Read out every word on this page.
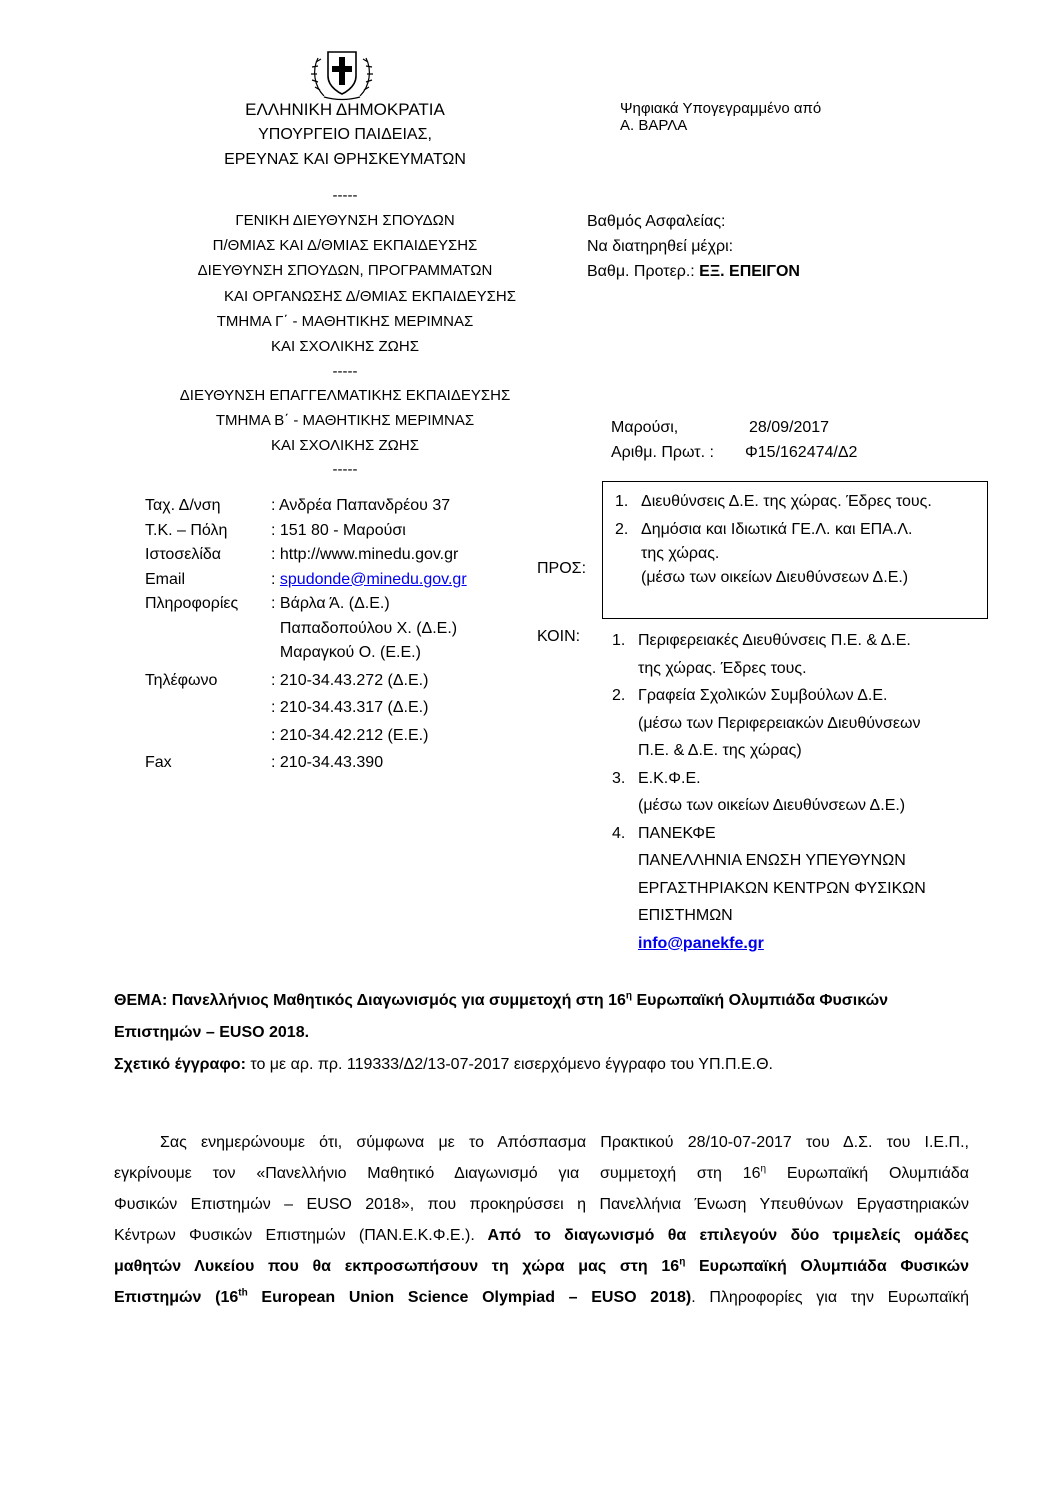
ΕΛΛΗΝΙΚΗ ΔΗΜΟΚΡΑΤΙΑ
ΥΠΟΥΡΓΕΙΟ ΠΑΙΔΕΙΑΣ,
ΕΡΕΥΝΑΣ ΚΑΙ ΘΡΗΣΚΕΥΜΑΤΩΝ
-----
ΓΕΝΙΚΗ ΔΙΕΥΘΥΝΣΗ ΣΠΟΥΔΩΝ
Π/ΘΜΙΑΣ ΚΑΙ Δ/ΘΜΙΑΣ ΕΚΠΑΙΔΕΥΣΗΣ
ΔΙΕΥΘΥΝΣΗ ΣΠΟΥΔΩΝ, ΠΡΟΓΡΑΜΜΑΤΩΝ
ΚΑΙ ΟΡΓΑΝΩΣΗΣ Δ/ΘΜΙΑΣ ΕΚΠΑΙΔΕΥΣΗΣ
ΤΜΗΜΑ Γ΄ - ΜΑΘΗΤΙΚΗΣ ΜΕΡΙΜΝΑΣ
ΚΑΙ ΣΧΟΛΙΚΗΣ ΖΩΗΣ
-----
ΔΙΕΥΘΥΝΣΗ ΕΠΑΓΓΕΛΜΑΤΙΚΗΣ ΕΚΠΑΙΔΕΥΣΗΣ
ΤΜΗΜΑ Β΄ - ΜΑΘΗΤΙΚΗΣ ΜΕΡΙΜΝΑΣ
ΚΑΙ ΣΧΟΛΙΚΗΣ ΖΩΗΣ
-----
Ψηφιακά Υπογεγραμμένο από
Α. ΒΑΡΛΑ
Βαθμός Ασφαλείας:
Να διατηρηθεί μέχρι:
Βαθμ. Προτερ.: ΕΞ. ΕΠΕΙΓΟΝ
Μαρούσι,	28/09/2017
Αριθμ. Πρωτ. :	Φ15/162474/Δ2
Ταχ. Δ/νση	: Ανδρέα Παπανδρέου 37
Τ.Κ. – Πόλη	: 151 80 - Μαρούσι
Ιστοσελίδα	: http://www.minedu.gov.gr
Email	: spudonde@minedu.gov.gr
Πληροφορίες	: Βάρλα Ά. (Δ.Ε.)
Παπαδοπούλου Χ. (Δ.Ε.)
Μαραγκού Ο. (Ε.Ε.)
Τηλέφωνο	: 210-34.43.272 (Δ.Ε.)
: 210-34.43.317 (Δ.Ε.)
: 210-34.42.212 (Ε.Ε.)
Fax	: 210-34.43.390
ΠΡΟΣ:
1. Διευθύνσεις Δ.Ε. της χώρας. Έδρες τους.
2. Δημόσια και Ιδιωτικά ΓΕ.Λ. και ΕΠΑ.Λ.
της χώρας.
(μέσω των οικείων Διευθύνσεων Δ.Ε.)
ΚΟΙΝ: 1. Περιφερειακές Διευθύνσεις Π.Ε. & Δ.Ε.
της χώρας. Έδρες τους.
2. Γραφεία Σχολικών Συμβούλων Δ.Ε.
(μέσω των Περιφερειακών Διευθύνσεων
Π.Ε. & Δ.Ε. της χώρας)
3. Ε.Κ.Φ.Ε.
(μέσω των οικείων Διευθύνσεων Δ.Ε.)
4. ΠΑΝΕΚΦΕ
ΠΑΝΕΛΛΗΝΙΑ ΕΝΩΣΗ ΥΠΕΥΘΥΝΩΝ
ΕΡΓΑΣΤΗΡΙΑΚΩΝ ΚΕΝΤΡΩΝ ΦΥΣΙΚΩΝ
ΕΠΙΣΤΗΜΩΝ
info@panekfe.gr
ΘΕΜΑ: Πανελλήνιος Μαθητικός Διαγωνισμός για συμμετοχή στη $16^\eta$ Ευρωπαϊκή Ολυμπιάδα Φυσικών
Επιστημών – EUSO 2018.
Σχετικό έγγραφο: το με αρ. πρ. 119333/Δ2/13-07-2017 εισερχόμενο έγγραφο του ΥΠ.Π.Ε.Θ.
Σας ενημερώνουμε ότι, σύμφωνα με το Απόσπασμα Πρακτικού 28/10-07-2017 του Δ.Σ. του Ι.Ε.Π.,
εγκρίνουμε τον «Πανελλήνιο Μαθητικό Διαγωνισμό για συμμετοχή στη $16^\eta$ Ευρωπαϊκή Ολυμπιάδα
Φυσικών Επιστημών – EUSO 2018», που προκηρύσσει η Πανελλήνια Ένωση Υπευθύνων Εργαστηριακών
Κέντρων Φυσικών Επιστημών (ΠΑΝ.Ε.Κ.Φ.Ε.). Από το διαγωνισμό θα επιλεγούν δύο τριμελείς ομάδες
μαθητών Λυκείου που θα εκπροσωπήσουν τη χώρα μας στη $16^\eta$ Ευρωπαϊκή Ολυμπιάδα Φυσικών
Επιστημών (16th European Union Science Olympiad – EUSO 2018). Πληροφορίες για την Ευρωπαϊκή
